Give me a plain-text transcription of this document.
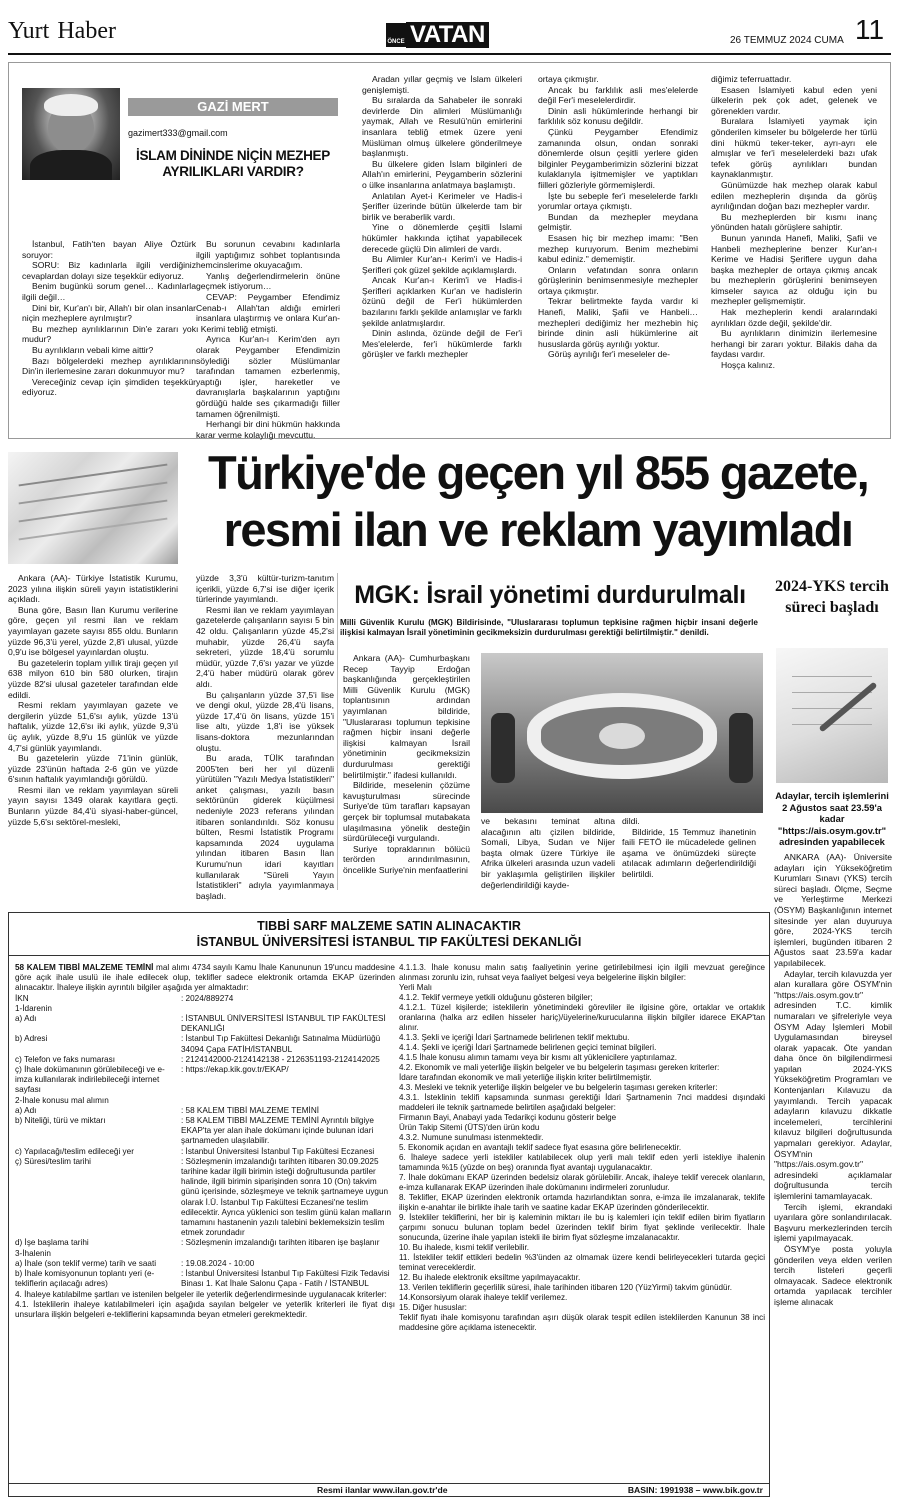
Yurt Haber	ÖNCE VATAN	26 TEMMUZ 2024 CUMA 11
GAZİ MERT
gazimert333@gmail.com
İSLAM DİNİNDE NİÇİN MEZHEP AYRILIKLARI VARDIR?

İstanbul, Fatih'ten bayan Aliye Öztürk soruyor:

SORU: Biz kadınlarla ilgili verdiğiniz cevaplardan dolayı size teşekkür ediyoruz.

Benim bugünkü sorum genel… Kadınlarla ilgili değil…

Dini bir, Kur'an'ı bir, Allah'ı bir olan insanlar niçin mezheplere ayrılmıştır?

Bu mezhep ayrılıklarının Din'e zararı yok mudur?

Bu ayrılıkların vebali kime aittir?

Bazı bölgelerdeki mezhep ayrılıklarının Din'in ilerlemesine zararı dokunmuyor mu?

Vereceğiniz cevap için şimdiden teşekkür ediyoruz.

Bu sorunun cevabını kadınlarla ilgili yaptığımız sohbet toplantısında hemcinslerime okuyacağım.

Yanlış değerlendirmelerin önüne geçmek istiyorum…

CEVAP: Peygamber Efendimiz Cenab-ı Allah'tan aldığı emirleri insanlara ulaştırmış ve onlara Kur'an-ı Kerimi tebliğ etmişti.

Ayrıca Kur'an-ı Kerim'den ayrı olarak Peygamber Efendimizin söylediği sözler Müslümanlar tarafından tamamen ezberlenmiş, yaptığı işler, hareketler ve davranışlarla başkalarının yaptığını gördüğü halde ses çıkarmadığı fiiller tamamen öğrenilmişti.

Herhangi bir dini hükmün hakkında karar verme kolaylığı mevcuttu.

Aradan yıllar geçmiş ve İslam ülkeleri genişlemişti.

Bu sıralarda da Sahabeler ile sonraki devirlerde Din alimleri Müslümanlığı yaymak, Allah ve Resulü'nün emirlerini insanlara tebliğ etmek üzere yeni Müslüman olmuş ülkelere gönderilmeye başlanmıştı.

Bu ülkelere giden İslam bilginleri de Allah'ın emirlerini, Peygamberin sözlerini o ülke insanlarına anlatmaya başlamıştı.

Anlatılan Ayet-i Kerimeler ve Hadis-i Şerifler üzerinde bütün ülkelerde tam bir birlik ve beraberlik vardı.

Yine o dönemlerde çeşitli İslami hükümler hakkında içtihat yapabilecek derecede güçlü Din alimleri de vardı.

Bu Alimler Kur'an-ı Kerim'i ve Hadis-i Şerifleri çok güzel şekilde açıklamışlardı.

Ancak Kur'an-ı Kerim'i ve Hadis-i Şerifleri açıklarken Kur'an ve hadislerin özünü değil de Fer'i hükümlerden bazılarını farklı şekilde anlamışlar ve farklı şekilde anlatmışlardır.

Dinin aslında, özünde değil de Fer'i Mes'elelerde, fer'i hükümlerde farklı görüşler ve farklı mezhepler

ortaya çıkmıştır.

Ancak bu farklılık asli mes'elelerde değil Fer'i meselelerdirdir.

Dinin asli hükümlerinde herhangi bir farklılık söz konusu değildir.

Çünkü Peygamber Efendimiz zamanında olsun, ondan sonraki dönemlerde olsun çeşitli yerlere giden bilginler Peygamberimizin sözlerini bizzat kulaklarıyla işitmemişler ve yaptıkları fiilleri gözleriyle görmemişlerdi.

İşte bu sebeple fer'i meselelerde farklı yorumlar ortaya çıkmıştı.

Bundan da mezhepler meydana gelmiştir.

Esasen hiç bir mezhep imamı: "Ben mezhep kuruyorum. Benim mezhebimi kabul ediniz." dememiştir.

Onların vefatından sonra onların görüşlerinin benimsenmesiyle mezhepler ortaya çıkmıştır.

Tekrar belirtmekte fayda vardır ki Hanefi, Maliki, Şafii ve Hanbeli… mezhepleri dediğimiz her mezhebin hiç birinde dinin asli hükümlerine ait hususlarda görüş ayrılığı yoktur.

Görüş ayrılığı fer'i meseleler de-

diğimiz teferruattadır.

Esasen İslamiyeti kabul eden yeni ülkelerin pek çok adet, gelenek ve göreneklerı vardır.

Buralara İslamiyeti yaymak için gönderilen kimseler bu bölgelerde her türlü dini hükmü teker-teker, ayrı-ayrı ele almışlar ve fer'i meselelerdeki bazı ufak tefek görüş ayrılıkları bundan kaynaklanmıştır.

Günümüzde hak mezhep olarak kabul edilen mezheplerin dışında da görüş ayrılığından doğan bazı mezhepler vardır.

Bu mezheplerden bir kısmı inanç yönünden hatalı görüşlere sahiptir.

Bunun yanında Hanefi, Maliki, Şafii ve Hanbeli mezheplerine benzer Kur'an-ı Kerime ve Hadisi Şeriflere uygun daha başka mezhepler de ortaya çıkmış ancak bu mezheplerin görüşlerini benimseyen kimseler sayıca az olduğu için bu mezhepler gelişmemiştir.

Hak mezheplerin kendi aralarındaki ayrılıkları özde değil, şekilde'dir.

Bu ayrılıkların dinimizin ilerlemesine herhangi bir zararı yoktur. Bilakis daha da faydası vardır.

Hoşça kalınız.

Türkiye'de geçen yıl 855 gazete,
resmi ilan ve reklam yayımladı

Ankara (AA)- Türkiye İstatistik Kurumu, 2023 yılına ilişkin süreli yayın istatistiklerini açıkladı.

Buna göre, Basın İlan Kurumu verilerine göre, geçen yıl resmi ilan ve reklam yayımlayan gazete sayısı 855 oldu. Bunların yüzde 96,3'ü yerel, yüzde 2,8'i ulusal, yüzde 0,9'u ise bölgesel yayınlardan oluştu.

Bu gazetelerin toplam yıllık tirajı geçen yıl 638 milyon 610 bin 580 olurken, tirajın yüzde 82'si ulusal gazeteler tarafından elde edildi.

Resmi reklam yayımlayan gazete ve dergilerin yüzde 51,6'sı aylık, yüzde 13'ü haftalık, yüzde 12,6'sı iki aylık, yüzde 9,3'ü üç aylık, yüzde 8,9'u 15 günlük ve yüzde 4,7'si günlük yayımlandı.

Bu gazetelerin yüzde 71'inin günlük, yüzde 23'ünün haftada 2-6 gün ve yüzde 6'sının haftalık yayımlandığı görüldü.

Resmi ilan ve reklam yayımlayan süreli yayın sayısı 1349 olarak kayıtlara geçti. Bunların yüzde 84,4'ü siyasi-haber-güncel, yüzde 5,6'sı sektörel-mesleki,

yüzde 3,3'ü kültür-turizm-tanıtım içerikli, yüzde 6,7'si ise diğer içerik türlerinde yayımlandı.

Resmi ilan ve reklam yayımlayan gazetelerde çalışanların sayısı 5 bin 42 oldu. Çalışanların yüzde 45,2'si muhabir, yüzde 26,4'ü sayfa sekreteri, yüzde 18,4'ü sorumlu müdür, yüzde 7,6'sı yazar ve yüzde 2,4'ü haber müdürü olarak görev aldı.

Bu çalışanların yüzde 37,5'i lise ve dengi okul, yüzde 28,4'ü lisans, yüzde 17,4'ü ön lisans, yüzde 15'i lise altı, yüzde 1,8'i ise yüksek lisans-doktora mezunlarından oluştu.

Bu arada, TÜİK tarafından 2005'ten beri her yıl düzenli yürütülen "Yazılı Medya İstatistikleri" anket çalışması, yazılı basın sektörünün giderek küçülmesi nedeniyle 2023 referans yılından itibaren sonlandırıldı. Söz konusu bülten, Resmi İstatistik Programı kapsamında 2024 uygulama yılından itibaren Basın İlan Kurumu'nun idari kayıtları kullanılarak "Süreli Yayın İstatistikleri" adıyla yayımlanmaya başladı.

MGK: İsrail yönetimi durdurulmalı
Milli Güvenlik Kurulu (MGK) Bildirisinde, "Uluslararası toplumun tepkisine rağmen hiçbir insani değerle ilişkisi kalmayan İsrail yönetiminin gecikmeksizin durdurulması gerektiği belirtilmiştir." denildi.

Ankara (AA)- Cumhurbaşkanı Recep Tayyip Erdoğan başkanlığında gerçekleştirilen Milli Güvenlik Kurulu (MGK) toplantısının ardından yayımlanan bildiride, "Uluslararası toplumun tepkisine rağmen hiçbir insani değerle ilişkisi kalmayan İsrail yönetiminin gecikmeksizin durdurulması gerektiği belirtilmiştir." ifadesi kullanıldı.

Bildiride, meselenin çözüme kavuşturulması sürecinde Suriye'de tüm tarafları kapsayan gerçek bir toplumsal mutabakata ulaşılmasına yönelik desteğin sürdürüleceği vurgulandı.

Suriye topraklarının bölücü terörden arındırılmasının, öncelikle Suriye'nin menfaatlerini

ve bekasını teminat altına alacağının altı çizilen bildiride, Somali, Libya, Sudan ve Nijer başta olmak üzere Türkiye ile Afrika ülkeleri arasında uzun vadeli bir yaklaşımla geliştirilen ilişkiler değerlendirildiği kayde-

dildi.

Bildiride, 15 Temmuz ihanetinin faili FETÖ ile mücadelede gelinen aşama ve önümüzdeki süreçte atılacak adımların değerlendirildiği belirtildi.

2024-YKS tercih süreci başladı
Adaylar, tercih işlemlerini 2 Ağustos saat 23.59'a kadar "https://ais.osym.gov.tr" adresinden yapabilecek

ANKARA (AA)- Üniversite adayları için Yükseköğretim Kurumları Sınavı (YKS) tercih süreci başladı. Ölçme, Seçme ve Yerleştirme Merkezi (ÖSYM) Başkanlığının internet sitesinde yer alan duyuruya göre, 2024-YKS tercih işlemleri, bugünden itibaren 2 Ağustos saat 23.59'a kadar yapılabilecek.

Adaylar, tercih kılavuzda yer alan kurallara göre ÖSYM'nin "https://ais.osym.gov.tr" adresinden T.C. kimlik numaraları ve şifreleriyle veya ÖSYM Aday İşlemleri Mobil Uygulamasından bireysel olarak yapacak. Öte yandan daha önce ön bilgilendirmesi yapılan 2024-YKS Yükseköğretim Programları ve Kontenjanları Kılavuzu da yayımlandı. Tercih yapacak adayların kılavuzu dikkatle incelemeleri, tercihlerini kılavuz bilgileri doğrultusunda yapmaları gerekiyor. Adaylar, ÖSYM'nin "https://ais.osym.gov.tr" adresindeki açıklamalar doğrultusunda tercih işlemlerini tamamlayacak.

Tercih işlemi, ekrandaki uyarılara göre sonlandırılacak. Başvuru merkezlerinden tercih işlemi yapılmayacak.

ÖSYM'ye posta yoluyla gönderilen veya elden verilen tercih listeleri geçerli olmayacak. Sadece elektronik ortamda yapılacak tercihler işleme alınacak

TIBBİ SARF MALZEME SATIN ALINACAKTIR
İSTANBUL ÜNİVERSİTESİ İSTANBUL TIP FAKÜLTESİ DEKANLIĞI

58 KALEM TIBBİ MALZEME TEMİNİ mal alımı 4734 sayılı Kamu İhale Kanununun 19'uncu maddesine göre açık ihale usulü ile ihale edilecek olup, teklifler sadece elektronik ortamda EKAP üzerinden alınacaktır. İhaleye ilişkin ayrıntılı bilgiler aşağıda yer almaktadır:

İKN	: 2024/889274
1-İdarenin
a) Adı	: İSTANBUL ÜNİVERSİTESİ İSTANBUL TIP FAKÜLTESİ DEKANLIĞI
b) Adresi	: İstanbul Tıp Fakültesi Dekanlığı Satınalma Müdürlüğü 34094 Çapa FATİH/İSTANBUL
c) Telefon ve faks numarası	: 2124142000-2124142138 - 2126351193-2124142025
ç) İhale dokümanının görülebileceği ve e-imza kullanılarak indirilebileceği internet sayfası
: https://ekap.kik.gov.tr/EKAP/
2-İhale konusu mal alımın
a) Adı	: 58 KALEM TIBBİ MALZEME TEMİNİ
b) Niteliği, türü ve miktarı	: 58 KALEM TIBBİ MALZEME TEMİNİ Ayrıntılı bilgiye EKAP'ta yer alan ihale dokümanı içinde bulunan idari şartnameden ulaşılabilir.
c) Yapılacağı/teslim edileceği yer	: İstanbul Üniversitesi İstanbul Tıp Fakültesi Eczanesi
ç) Süresi/teslim tarihi	: Sözleşmenin imzalandığı tarihten itibaren 30.09.2025 tarihine kadar ilgili birimin isteği doğrultusunda partiler halinde, ilgili birimin siparişinden sonra 10 (On) takvim günü içerisinde, sözleşmeye ve teknik şartnameye uygun olarak İ.Ü. İstanbul Tıp Fakültesi Eczanesi'ne teslim edilecektir. Ayrıca yüklenici son teslim günü kalan malların tamamını hastanenin yazılı talebini beklemeksizin teslim etmek zorundadır
d) İşe başlama tarihi	: Sözleşmenin imzalandığı tarihten itibaren işe başlanır
3-İhalenin
a) İhale (son teklif verme) tarih ve saati	: 19.08.2024 - 10:00
b) İhale komisyonunun toplantı yeri (e-tekliflerin açılacağı adres)
: İstanbul Üniversitesi İstanbul Tıp Fakültesi Fizik Tedavisi Binası 1. Kat İhale Salonu Çapa - Fatih / İSTANBUL

4. İhaleye katılabilme şartları ve istenilen belgeler ile yeterlik değerlendirmesinde uygulanacak kriterler:

4.1. İsteklilerin ihaleye katılabilmeleri için aşağıda sayılan belgeler ve yeterlik kriterleri ile fiyat dışı unsurlara ilişkin belgeleri e-tekliflerini kapsamında beyan etmeleri gerekmektedir.

4.1.1.3. İhale konusu malın satış faaliyetinin yerine getirilebilmesi için ilgili mevzuat gereğince alınması zorunlu izin, ruhsat veya faaliyet belgesi veya belgelerine ilişkin bilgiler:

Yerli Malı

4.1.2. Teklif vermeye yetkili olduğunu gösteren bilgiler;

4.1.2.1. Tüzel kişilerde; isteklilerin yönetimindeki görevliler ile ilgisine göre, ortaklar ve ortaklık oranlarına (halka arz edilen hisseler hariç)/üyelerine/kurucularına ilişkin bilgiler idarece EKAP'tan alınır.

4.1.3. Şekli ve içeriği İdari Şartnamede belirlenen teklif mektubu.

4.1.4. Şekli ve içeriği İdari Şartnamede belirlenen geçici teminat bilgileri.

4.1.5 İhale konusu alımın tamamı veya bir kısmı alt yüklenicilere yaptırılamaz.

4.2. Ekonomik ve mali yeterliğe ilişkin belgeler ve bu belgelerin taşıması gereken kriterler:

İdare tarafından ekonomik ve mali yeterliğe ilişkin kriter belirtilmemiştir.

4.3. Mesleki ve teknik yeterliğe ilişkin belgeler ve bu belgelerin taşıması gereken kriterler:

4.3.1. İsteklinin teklifi kapsamında sunması gerektiği İdari Şartnamenin 7nci maddesi dışındaki maddeleri ile teknik şartnamede belirtilen aşağıdaki belgeler:

Firmanın Bayi, Anabayi yada Tedarikçi kodunu gösterir belge

Ürün Takip Sitemi (ÜTS)'den ürün kodu

4.3.2. Numune sunulması istenmektedir.

5. Ekonomik açıdan en avantajlı teklif sadece fiyat esasına göre belirlenecektir.

6. İhaleye sadece yerli istekliler katılabilecek olup yerli malı teklif eden yerli istekliye ihalenin tamamında %15 (yüzde on beş) oranında fiyat avantajı uygulanacaktır.

7. İhale dokümanı EKAP üzerinden bedelsiz olarak görülebilir. Ancak, ihaleye teklif verecek olanların, e-imza kullanarak EKAP üzerinden ihale dokümanını indirmeleri zorunludur.

8. Teklifler, EKAP üzerinden elektronik ortamda hazırlandıktan sonra, e-imza ile imzalanarak, teklife ilişkin e-anahtar ile birlikte ihale tarih ve saatine kadar EKAP üzerinden gönderilecektir.

9. İstekliler tekliflerini, her bir iş kaleminin miktarı ile bu iş kalemleri için teklif edilen birim fiyatların çarpımı sonucu bulunan toplam bedel üzerinden teklif birim fiyat şeklinde verilecektir. İhale sonucunda, üzerine ihale yapılan istekli ile birim fiyat sözleşme imzalanacaktır.

10. Bu ihalede, kısmi teklif verilebilir.

11. İstekliler teklif ettikleri bedelin %3'ünden az olmamak üzere kendi belirleyecekleri tutarda geçici teminat vereceklerdir.

12. Bu ihalede elektronik eksiltme yapılmayacaktır.

13. Verilen tekliflerin geçerlilik süresi, ihale tarihinden itibaren 120 (YüzYirmi) takvim günüdür.

14.Konsorsiyum olarak ihaleye teklif verilemez.

15. Diğer hususlar:

Teklif fiyatı ihale komisyonu tarafından aşırı düşük olarak tespit edilen isteklilerden Kanunun 38 inci maddesine göre açıklama istenecektir.

Resmi ilanlar www.ilan.gov.tr'de	BASIN: 1991938 – www.bik.gov.tr
